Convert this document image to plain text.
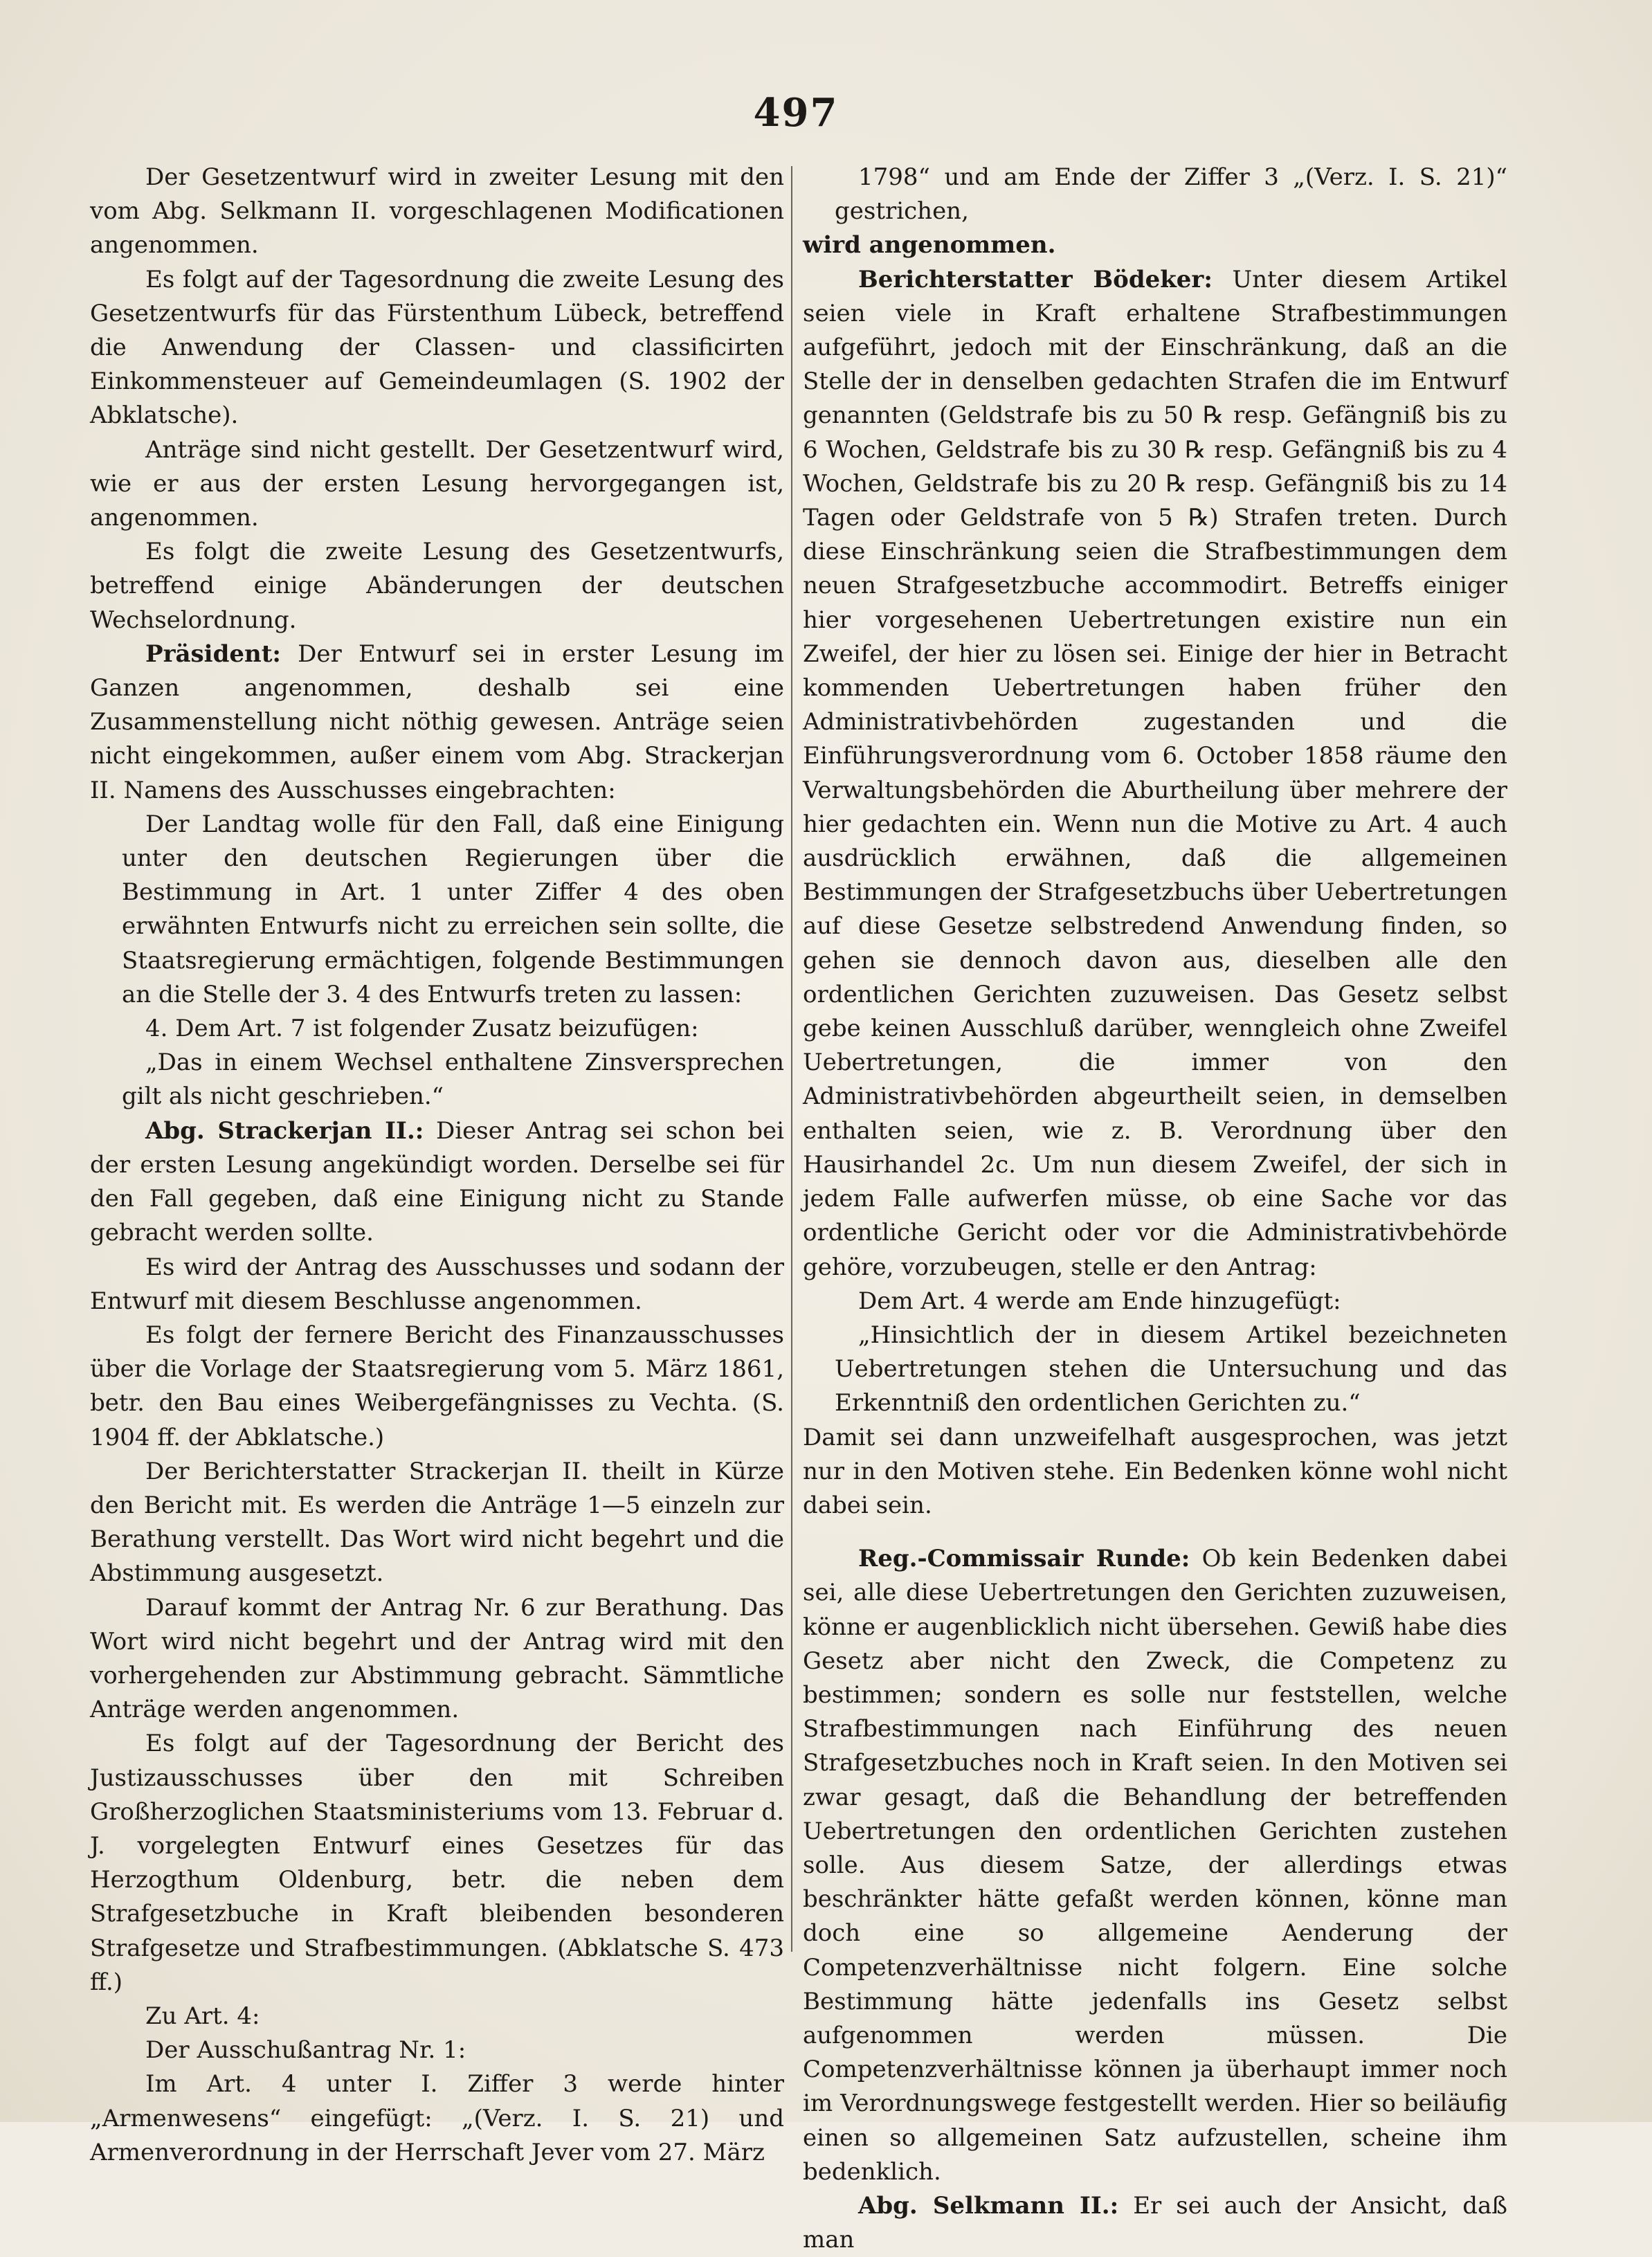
497

Der Gesetzentwurf wird in zweiter Lesung mit den vom Abg. Selkmann II. vorgeschlagenen Modificationen angenommen.

Es folgt auf der Tagesordnung die zweite Lesung des Gesetzentwurfs für das Fürstenthum Lübeck, betreffend die Anwendung der Classen- und classificirten Einkommensteuer auf Gemeindeumlagen (S. 1902 der Abklatsche).

Anträge sind nicht gestellt. Der Gesetzentwurf wird, wie er aus der ersten Lesung hervorgegangen ist, angenommen.

Es folgt die zweite Lesung des Gesetzentwurfs, betreffend einige Abänderungen der deutschen Wechselordnung.

Präsident: Der Entwurf sei in erster Lesung im Ganzen angenommen, deshalb sei eine Zusammenstellung nicht nöthig gewesen. Anträge seien nicht eingekommen, außer einem vom Abg. Strackerjan II. Namens des Ausschusses eingebrachten:

Der Landtag wolle für den Fall, daß eine Einigung unter den deutschen Regierungen über die Bestimmung in Art. 1 unter Ziffer 4 des oben erwähnten Entwurfs nicht zu erreichen sein sollte, die Staatsregierung ermächtigen, folgende Bestimmungen an die Stelle der 3. 4 des Entwurfs treten zu lassen:

4. Dem Art. 7 ist folgender Zusatz beizufügen:

„Das in einem Wechsel enthaltene Zinsversprechen gilt als nicht geschrieben.“

Abg. Strackerjan II.: Dieser Antrag sei schon bei der ersten Lesung angekündigt worden. Derselbe sei für den Fall gegeben, daß eine Einigung nicht zu Stande gebracht werden sollte.

Es wird der Antrag des Ausschusses und sodann der Entwurf mit diesem Beschlusse angenommen.

Es folgt der fernere Bericht des Finanzausschusses über die Vorlage der Staatsregierung vom 5. März 1861, betr. den Bau eines Weibergefängnisses zu Vechta. (S. 1904 ff. der Abklatsche.)

Der Berichterstatter Strackerjan II. theilt in Kürze den Bericht mit. Es werden die Anträge 1—5 einzeln zur Berathung verstellt. Das Wort wird nicht begehrt und die Abstimmung ausgesetzt.

Darauf kommt der Antrag Nr. 6 zur Berathung. Das Wort wird nicht begehrt und der Antrag wird mit den vorhergehenden zur Abstimmung gebracht. Sämmtliche Anträge werden angenommen.

Es folgt auf der Tagesordnung der Bericht des Justizausschusses über den mit Schreiben Großherzoglichen Staatsministeriums vom 13. Februar d. J. vorgelegten Entwurf eines Gesetzes für das Herzogthum Oldenburg, betr. die neben dem Strafgesetzbuche in Kraft bleibenden besonderen Strafgesetze und Strafbestimmungen. (Abklatsche S. 473 ff.)

Zu Art. 4:

Der Ausschußantrag Nr. 1:

Im Art. 4 unter I. Ziffer 3 werde hinter „Armenwesens“ eingefügt: „(Verz. I. S. 21) und Armenverordnung in der Herrschaft Jever vom 27. März

1798“ und am Ende der Ziffer 3 „(Verz. I. S. 21)“ gestrichen,

wird angenommen.

Berichterstatter Bödeker: Unter diesem Artikel seien viele in Kraft erhaltene Strafbestimmungen aufgeführt, jedoch mit der Einschränkung, daß an die Stelle der in denselben gedachten Strafen die im Entwurf genannten (Geldstrafe bis zu 50 ℞ resp. Gefängniß bis zu 6 Wochen, Geldstrafe bis zu 30 ℞ resp. Gefängniß bis zu 4 Wochen, Geldstrafe bis zu 20 ℞ resp. Gefängniß bis zu 14 Tagen oder Geldstrafe von 5 ℞) Strafen treten. Durch diese Einschränkung seien die Strafbestimmungen dem neuen Strafgesetzbuche accommodirt. Betreffs einiger hier vorgesehenen Uebertretungen existire nun ein Zweifel, der hier zu lösen sei. Einige der hier in Betracht kommenden Uebertretungen haben früher den Administrativbehörden zugestanden und die Einführungsverordnung vom 6. October 1858 räume den Verwaltungsbehörden die Aburtheilung über mehrere der hier gedachten ein. Wenn nun die Motive zu Art. 4 auch ausdrücklich erwähnen, daß die allgemeinen Bestimmungen der Strafgesetzbuchs über Uebertretungen auf diese Gesetze selbstredend Anwendung finden, so gehen sie dennoch davon aus, dieselben alle den ordentlichen Gerichten zuzuweisen. Das Gesetz selbst gebe keinen Ausschluß darüber, wenngleich ohne Zweifel Uebertretungen, die immer von den Administrativbehörden abgeurtheilt seien, in demselben enthalten seien, wie z. B. Verordnung über den Hausirhandel 2c. Um nun diesem Zweifel, der sich in jedem Falle aufwerfen müsse, ob eine Sache vor das ordentliche Gericht oder vor die Administrativbehörde gehöre, vorzubeugen, stelle er den Antrag:

Dem Art. 4 werde am Ende hinzugefügt:

„Hinsichtlich der in diesem Artikel bezeichneten Uebertretungen stehen die Untersuchung und das Erkenntniß den ordentlichen Gerichten zu.“

Damit sei dann unzweifelhaft ausgesprochen, was jetzt nur in den Motiven stehe. Ein Bedenken könne wohl nicht dabei sein.

Reg.-Commissair Runde: Ob kein Bedenken dabei sei, alle diese Uebertretungen den Gerichten zuzuweisen, könne er augenblicklich nicht übersehen. Gewiß habe dies Gesetz aber nicht den Zweck, die Competenz zu bestimmen; sondern es solle nur feststellen, welche Strafbestimmungen nach Einführung des neuen Strafgesetzbuches noch in Kraft seien. In den Motiven sei zwar gesagt, daß die Behandlung der betreffenden Uebertretungen den ordentlichen Gerichten zustehen solle. Aus diesem Satze, der allerdings etwas beschränkter hätte gefaßt werden können, könne man doch eine so allgemeine Aenderung der Competenzverhältnisse nicht folgern. Eine solche Bestimmung hätte jedenfalls ins Gesetz selbst aufgenommen werden müssen. Die Competenzverhältnisse können ja überhaupt immer noch im Verordnungswege festgestellt werden. Hier so beiläufig einen so allgemeinen Satz aufzustellen, scheine ihm bedenklich.

Abg. Selkmann II.: Er sei auch der Ansicht, daß man
